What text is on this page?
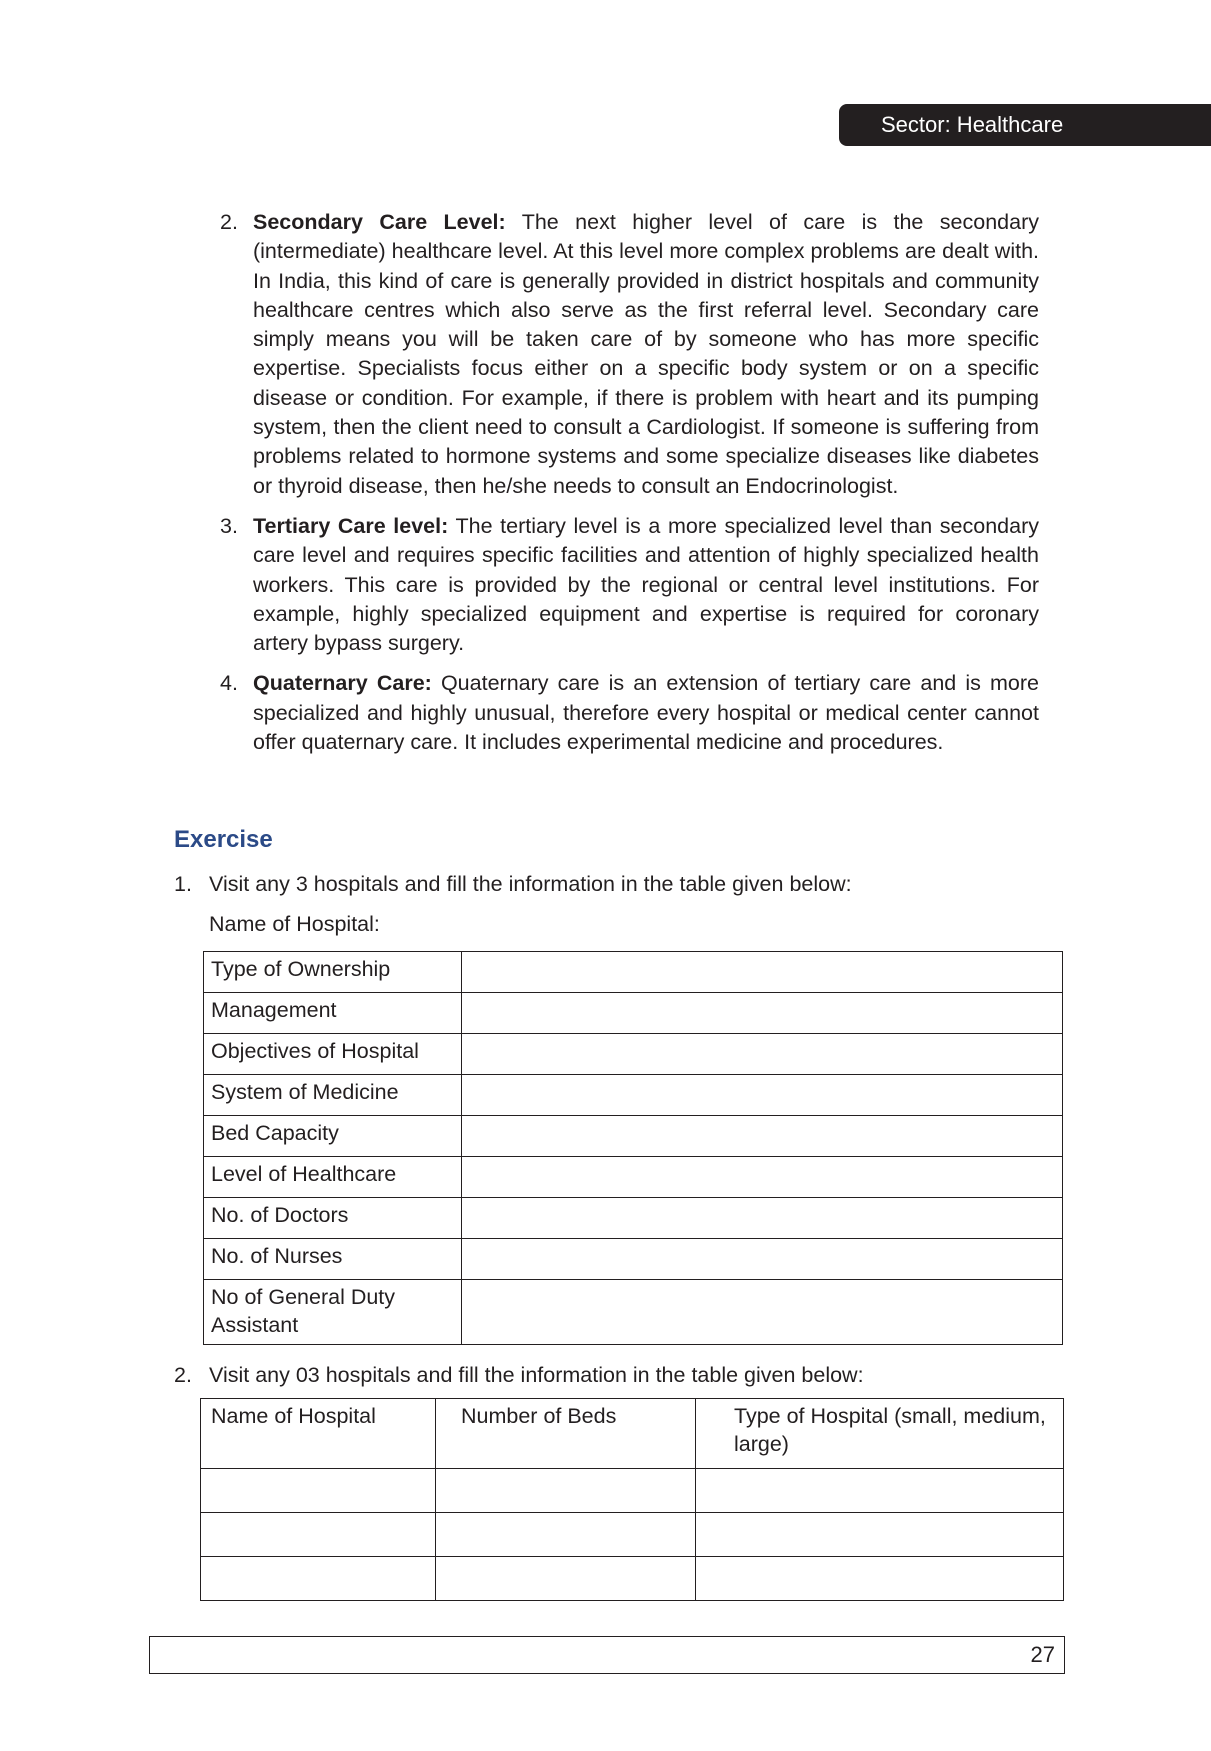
Sector: Healthcare
2. Secondary Care Level: The next higher level of care is the secondary (intermediate) healthcare level. At this level more complex problems are dealt with. In India, this kind of care is generally provided in district hospitals and community healthcare centres which also serve as the first referral level. Secondary care simply means you will be taken care of by someone who has more specific expertise. Specialists focus either on a specific body system or on a specific disease or condition. For example, if there is problem with heart and its pumping system, then the client need to consult a Cardiologist. If someone is suffering from problems related to hormone systems and some specialize diseases like diabetes or thyroid disease, then he/she needs to consult an Endocrinologist.
3. Tertiary Care level: The tertiary level is a more specialized level than secondary care level and requires specific facilities and attention of highly specialized health workers. This care is provided by the regional or central level institutions. For example, highly specialized equipment and expertise is required for coronary artery bypass surgery.
4. Quaternary Care: Quaternary care is an extension of tertiary care and is more specialized and highly unusual, therefore every hospital or medical center cannot offer quaternary care. It includes experimental medicine and procedures.
Exercise
1. Visit any 3 hospitals and fill the information in the table given below:
Name of Hospital:
Type of Ownership	
Management	
Objectives of Hospital	
System of Medicine	
Bed Capacity	
Level of Healthcare	
No. of Doctors	
No. of Nurses	
No of General Duty Assistant	
2. Visit any 03 hospitals and fill the information in the table given below:
Name of Hospital	Number of Beds	Type of Hospital (small, medium, large)

27
